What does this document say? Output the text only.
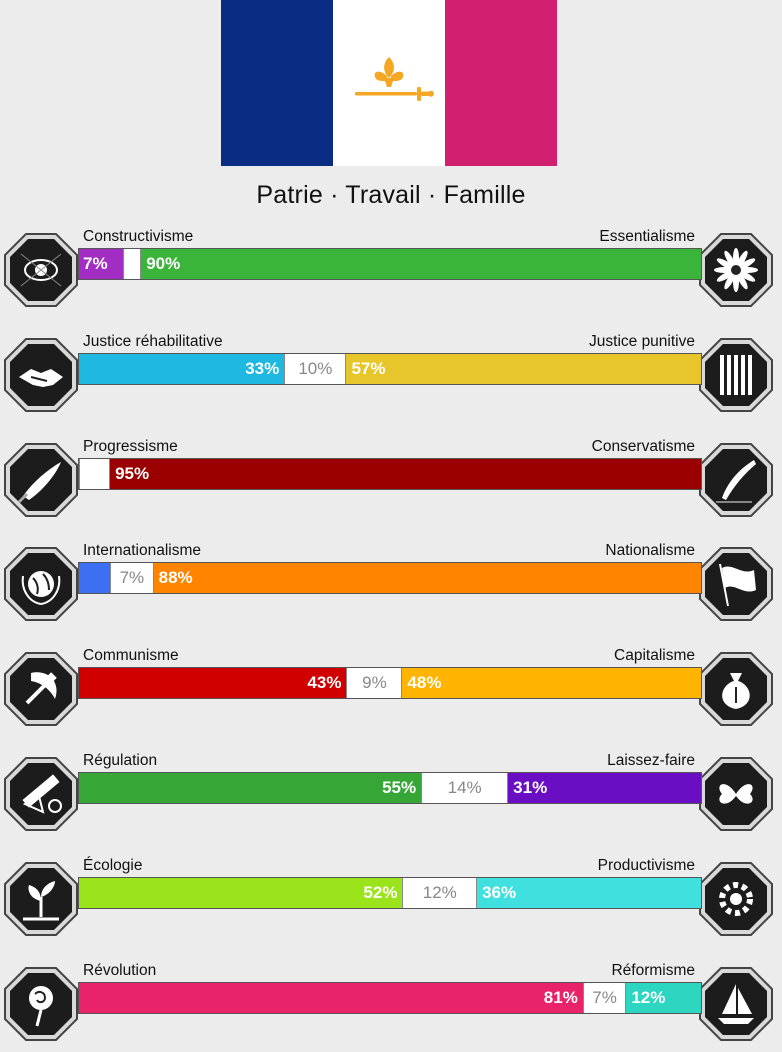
Patrie · Travail · Famille
Constructivisme	Essentialisme
7% 90%
Justice réhabilitative	Justice punitive
33% 10% 57%
Progressisme	Conservatisme
95%
Internationalisme	Nationalisme
7% 88%
Communisme	Capitalisme
43% 9% 48%
Régulation	Laissez-faire
55% 14% 31%
Écologie	Productivisme
52% 12% 36%
Révolution	Réformisme
81% 7% 12%
